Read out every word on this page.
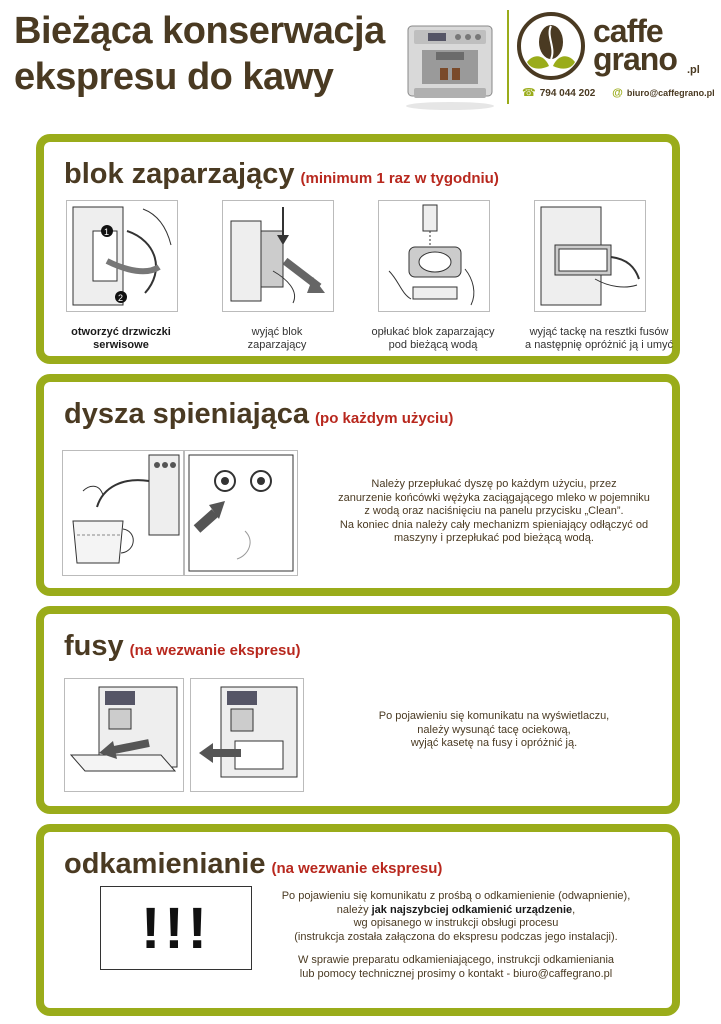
Bieżąca konserwacja
ekspresu do kawy
caffe
grano .pl
☎ 794 044 202 @ biuro@caffegrano.pl
blok zaparzający (minimum 1 raz w tygodniu)
1
2
otworzyć drzwiczki
serwisowe
wyjąć blok
zaparzający
opłukać blok zaparzający
pod bieżącą wodą
wyjąć tackę na resztki fusów
a następnię opróżnić ją i umyć
dysza spieniająca (po każdym użyciu)
Należy przepłukać dyszę po każdym użyciu, przez
zanurzenie końcówki wężyka zaciągającego mleko w pojemniku
z wodą oraz naciśnięciu na panelu przycisku „Clean”.
Na koniec dnia należy cały mechanizm spieniający odłączyć od
maszyny i przepłukać pod bieżącą wodą.
fusy (na wezwanie ekspresu)
Po pojawieniu się komunikatu na wyświetlaczu,
należy wysunąć tacę ociekową,
wyjąć kasetę na fusy i opróżnić ją.
odkamienianie (na wezwanie ekspresu)
!!!	Po pojawieniu się komunikatu z prośbą o odkamienienie (odwapnienie),
należy jak najszybciej odkamienić urządzenie,
wg opisanego w instrukcji obsługi procesu
(instrukcja została załączona do ekspresu podczas jego instalacji).
W sprawie preparatu odkamieniającego, instrukcji odkamieniania
lub pomocy technicznej prosimy o kontakt - biuro@caffegrano.pl
